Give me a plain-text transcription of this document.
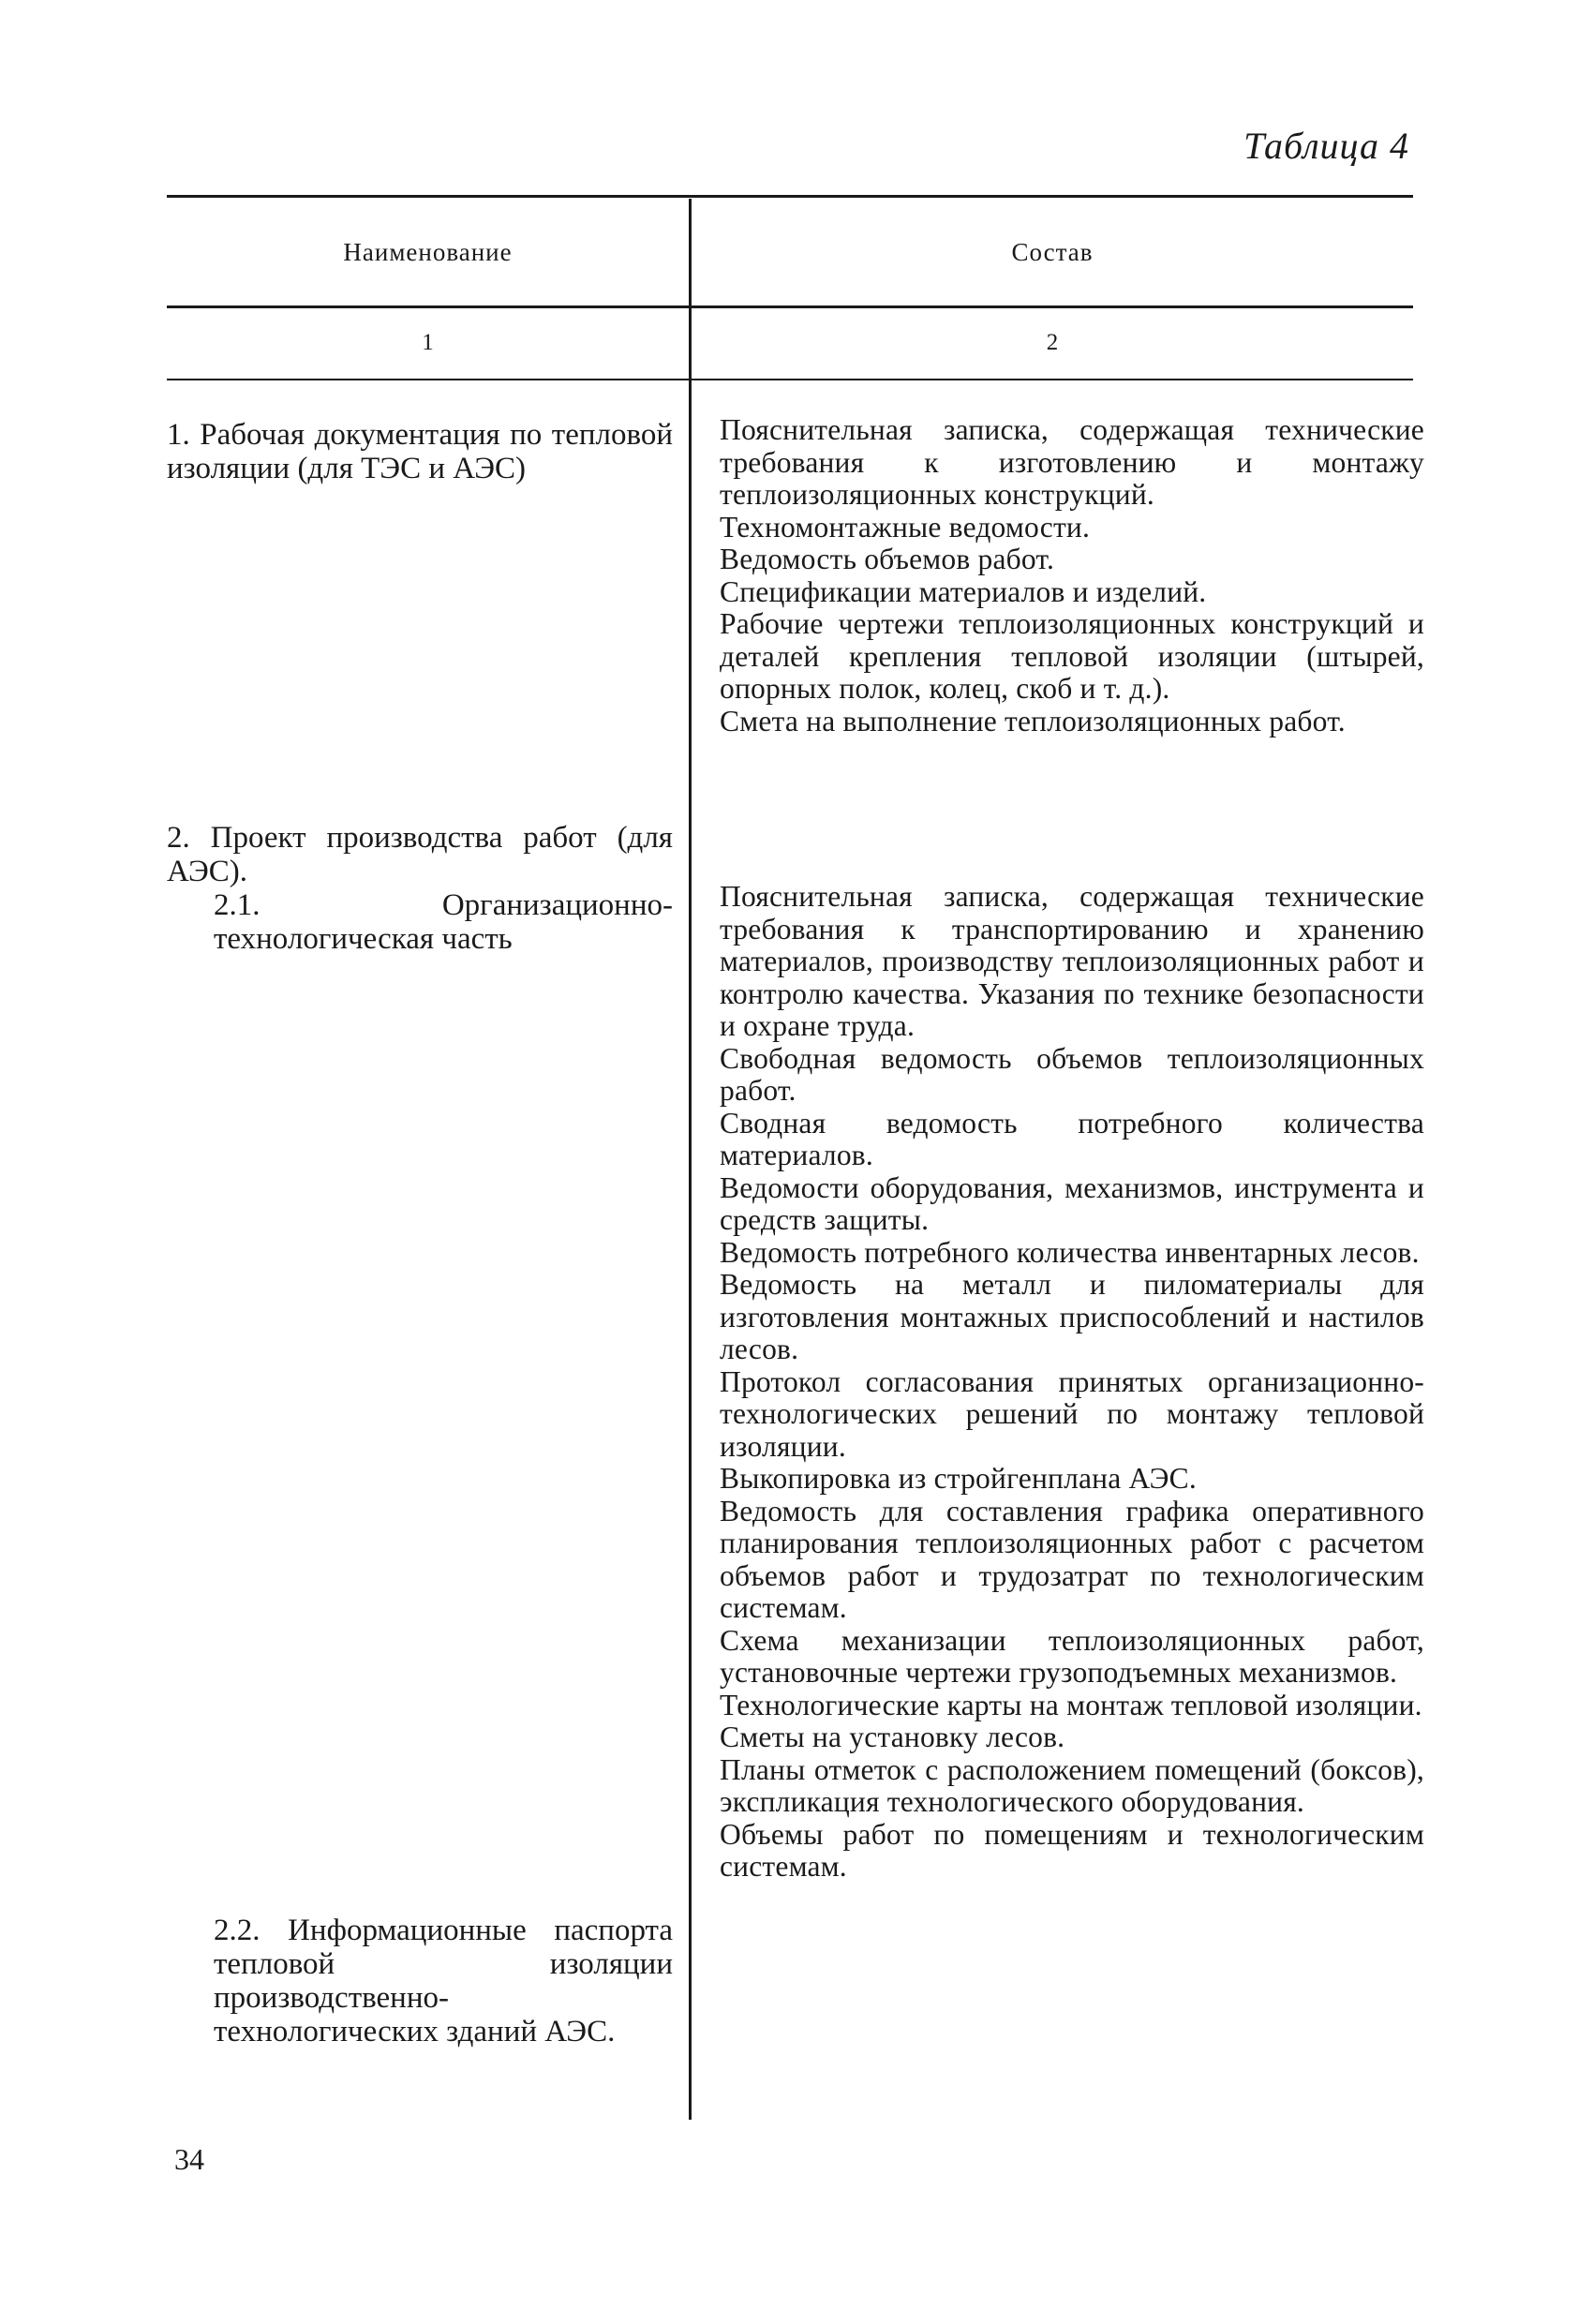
Таблица 4
Наименование	Состав
1	2

1. Рабочая документация по тепловой изоляции (для ТЭС и АЭС)

2. Проект производства работ (для АЭС).

2.1. Организационно-технологическая часть

2.2. Информационные паспорта тепловой изоляции производственно-технологических зданий АЭС.

Пояснительная записка, содержащая технические требования к изготовлению и монтажу теплоизоляционных конструкций.

Техномонтажные ведомости.

Ведомость объемов работ.

Спецификации материалов и изделий.

Рабочие чертежи теплоизоляционных конструкций и деталей крепления тепловой изоляции (штырей, опорных полок, колец, скоб и т. д.).

Смета на выполнение теплоизоляционных работ.

Пояснительная записка, содержащая технические требования к транспортированию и хранению материалов, производству теплоизоляционных работ и контролю качества. Указания по технике безопасности и охране труда.

Свободная ведомость объемов теплоизоляционных работ.

Сводная ведомость потребного количества материалов.

Ведомости оборудования, механизмов, инструмента и средств защиты.

Ведомость потребного количества инвентарных лесов.

Ведомость на металл и пиломатериалы для изготовления монтажных приспособлений и настилов лесов.

Протокол согласования принятых организационно-технологических решений по монтажу тепловой изоляции.

Выкопировка из стройгенплана АЭС.

Ведомость для составления графика оперативного планирования теплоизоляционных работ с расчетом объемов работ и трудозатрат по технологическим системам.

Схема механизации теплоизоляционных работ, установочные чертежи грузоподъемных механизмов.

Технологические карты на монтаж тепловой изоляции.

Сметы на установку лесов.

Планы отметок с расположением помещений (боксов), экспликация технологического оборудования.

Объемы работ по помещениям и технологическим системам.

34
